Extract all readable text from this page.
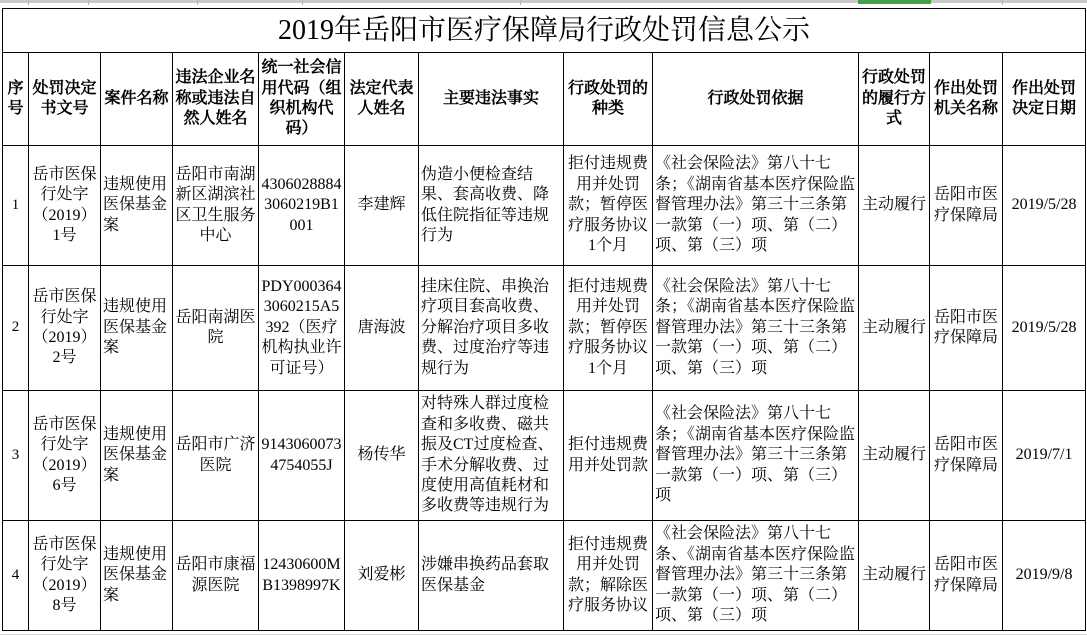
2019年岳阳市医疗保障局行政处罚信息公示											
序号	处罚决定书文号	案件名称	违法企业名称或违法自然人姓名	统一社会信用代码（组织机构代码）	法定代表人姓名	主要违法事实	行政处罚的种类	行政处罚依据	行政处罚的履行方式	作出处罚机关名称	作出处罚决定日期
1	岳市医保行处字（2019）1号	违规使用医保基金案	岳阳市南湖新区湖滨社区卫生服务中心	43060288843060219B1001	李建辉	伪造小便检查结果、套高收费、降低住院指征等违规行为	拒付违规费用并处罚款；暂停医疗服务协议1个月	《社会保险法》第八十七条；《湖南省基本医疗保险监督管理办法》第三十三条第一款第（一）项、第（二）项、第（三）项	主动履行	岳阳市医疗保障局	2019/5/28
2	岳市医保行处字（2019）2号	违规使用医保基金案	岳阳南湖医院	PDY0003643060215A5392（医疗机构执业许可证号）	唐海波	挂床住院、串换治疗项目套高收费、分解治疗项目多收费、过度治疗等违规行为	拒付违规费用并处罚款；暂停医疗服务协议1个月	《社会保险法》第八十七条；《湖南省基本医疗保险监督管理办法》第三十三条第一款第（一）项、第（二）项、第（三）项	主动履行	岳阳市医疗保障局	2019/5/28
3	岳市医保行处字（2019）6号	违规使用医保基金案	岳阳市广济医院	91430600734754055J	杨传华	对特殊人群过度检查和多收费、磁共振及CT过度检查、手术分解收费、过度使用高值耗材和多收费等违规行为	拒付违规费用并处罚款	《社会保险法》第八十七条；《湖南省基本医疗保险监督管理办法》第三十三条第一款第（一）项、第（三）项	主动履行	岳阳市医疗保障局	2019/7/1
4	岳市医保行处字（2019）8号	违规使用医保基金案	岳阳市康福源医院	12430600MB1398997K	刘爱彬	涉嫌串换药品套取医保基金	拒付违规费用并处罚款；解除医疗服务协议	《社会保险法》第八十七条、《湖南省基本医疗保险监督管理办法》第三十三条第一款第（一）项、第（二）项、第（三）项	主动履行	岳阳市医疗保障局	2019/9/8
